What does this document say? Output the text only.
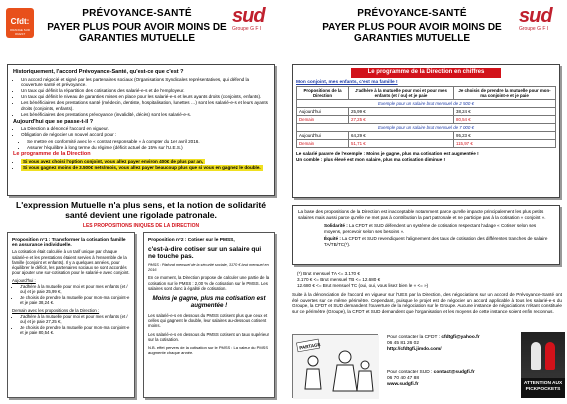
Cfdt:
ORANGE SUD OUEST
sud
Groupe G F I
PRÉVOYANCE-SANTÉ
PAYER PLUS POUR AVOIR MOINS DE GARANTIES MUTUELLE
Historiquement, l'accord Prévoyance-Santé, qu'est-ce que c'est ?
• Un accord négocié et signé par les partenaires sociaux (Organisations Syndicales représentatives, qui défend la couverture santé et prévoyance.
• Un taux qui définit la répartition des cotisations des salarié-e-s et de l'employeur.
• Un taux qui définit le niveau de garanties mises en place pour les salarié-e-s et leurs ayants droits (conjoints, enfants).
• Les bénéficiaires des prestations santé (médecin, dentiste, hospitalisation, lunettes …) sont les salarié-e-s et leurs ayants droits (conjoints, enfants).
• Les bénéficiaires des prestations prévoyance (invalidité, décès) sont les salarié-e-s.
Aujourd'hui que se passe-t-il ?
• La Direction a dénoncé l'accord en vigueur.
• Obligation de négocier un nouvel accord pour :
• Se mettre en conformité avec le « contrat responsable » à compter du 1er avril 2016.
• Assurer l'équilibre à long terme du régime (déficit actuel de 15% sur l'U.E.S.)
Le programme de la Direction
• Si vous avez choisi l'option conjoint, vous allez payer environ 400€ de plus par an,
• Si vous gagnez moins de 3.500€ nets/mois, vous allez payer beaucoup plus que si vous en gagnez le double.
L'expression Mutuelle n'a plus sens, et la notion de solidarité santé devient une rigolade patronale.
LES PROPOSITIONS INIQUES DE LA DIRECTION
Proposition n°1 : Transformer la cotisation famille en assurance individuelle.

La cotisation était calculée à un tarif unique par chaque salarié-e et les prestations étaient servies à l'ensemble de la famille (conjoint et enfants). Il y a quelques années, pour équilibrer le déficit, les partenaires sociaux se sont accordés pour ajouter une sur-cotisation pour le salarié-e avec conjoint.

Aujourd'hui :

• J'adhère à la mutuelle pour moi et pour mes enfants (et / ou) et je paie 25,99 €,
• Je choisis de prendre la mutuelle pour mon-ma conjoint-e et je paie 38,24 €.

Demain avec les propositions de la Direction :

• J'adhère à la mutuelle pour moi et pour mes enfants (et / ou) et je paie 27,25 €,
• Je choisis de prendre la mutuelle pour mon-ma conjoint-e et je paie 80,54 €.
Proposition n°2 : Cotiser sur le PMSS,
c'est-à-dire cotiser sur un salaire qui ne touche pas.

PMSS : Plafond mensuel de la sécurité sociale, 3170 € brut mensuel en 2016

En ce moment, la Direction propose de calculer une partie de la cotisation sur le PMSS : 2,00 % de cotisation sur le PMSS. Les salaires sont donc à égalité de cotisation.

Moins je gagne, plus ma cotisation est augmentée !

Les salarié-e-s en dessous du PMSS cotisent plus que ceux et celles qui gagnent le double, leur salaires au-dessous cotisent moins.

Les salarié-e-s en dessous du PMSS cotisent un taux supérieur sur la cotisation.

N.B. effet pervers de la cotisation sur le PMSS : La valeur du PMSS augmente chaque année.

PRÉVOYANCE-SANTÉ
PAYER PLUS POUR AVOIR MOINS DE GARANTIES MUTUELLE
sud
Groupe G F I
Le programme de la Direction en chiffres
Mon conjoint, mes enfants, c'est ma famille !
Propositions de la Direction	J'adhère à la mutuelle pour moi et pour mes enfants (et / ou) et je paie	Je choisis de prendre la mutuelle pour mon-ma conjoint-e et je paie
Exemple pour un salaire brut mensuel de 2 500 €		
Aujourd'hui	25,99 €	38,24 €
Demain	27,25 €	80,54 €
Exemple pour un salaire brut mensuel de 7 000 €		
Aujourd'hui	64,29 €	95,23 €
Demain	51,71 €	115,97 €

Le salarié pauvre de l'exemple : Moins je gagne, plus ma cotisation est augmentée !

Un comble : plus élevé est mon salaire, plus ma cotisation diminue !

La base des propositions de la Direction est inacceptable notamment parce qu'elle impacte principalement les plus petits salaires mais aussi parce qu'elle ne met pas à contribution la part patronale et ne participe pas à la cotisation « conjoint ».

Solidarité : La CFDT et SUD défendent un système de cotisation respectant l'adage « Cotiser selon ses moyens, percevoir selon ses besoins ».

Équité : La CFDT et SUD revendiquent l'alignement des taux de cotisation des différentes tranches de salaire TA/TB/TC(*).

(*) Brut mensuel TA <= 3.170 €

3.170 € <= Brut mensuel TB <= 12.680 €

12.680 € <= Brut mensuel TC (oui, oui, vous lisez bien le « <= »)

Suite à la dénonciation de l'accord en vigueur sur l'UES par la Direction, des négociations sur un accord de Prévoyance-Santé ont été ouvertes sur ce même périmètre. Cependant, puisque le projet est de négocier un accord applicable à tous les salarié-e-s du Groupe, la CFDT et SUD demandent l'ouverture de la négociation sur le Groupe. Aucune instance de négociations n'étant constituée sur ce périmètre (Groupe), la CFDT et SUD demandent que l'organisation et les moyens de cette instance soient enfin reconnus.
PARTAGE

Pour contacter la CFDT : cfdtgfi@yahoo.fr

06 45 81 26 02

http://cfdtgfi.jimdo.com/

Pour contacter SUD : contact@sudgfi.fr

06 70 40 47 88

www.sudgfi.fr	ATTENTION AUX PICKPOCKETS
